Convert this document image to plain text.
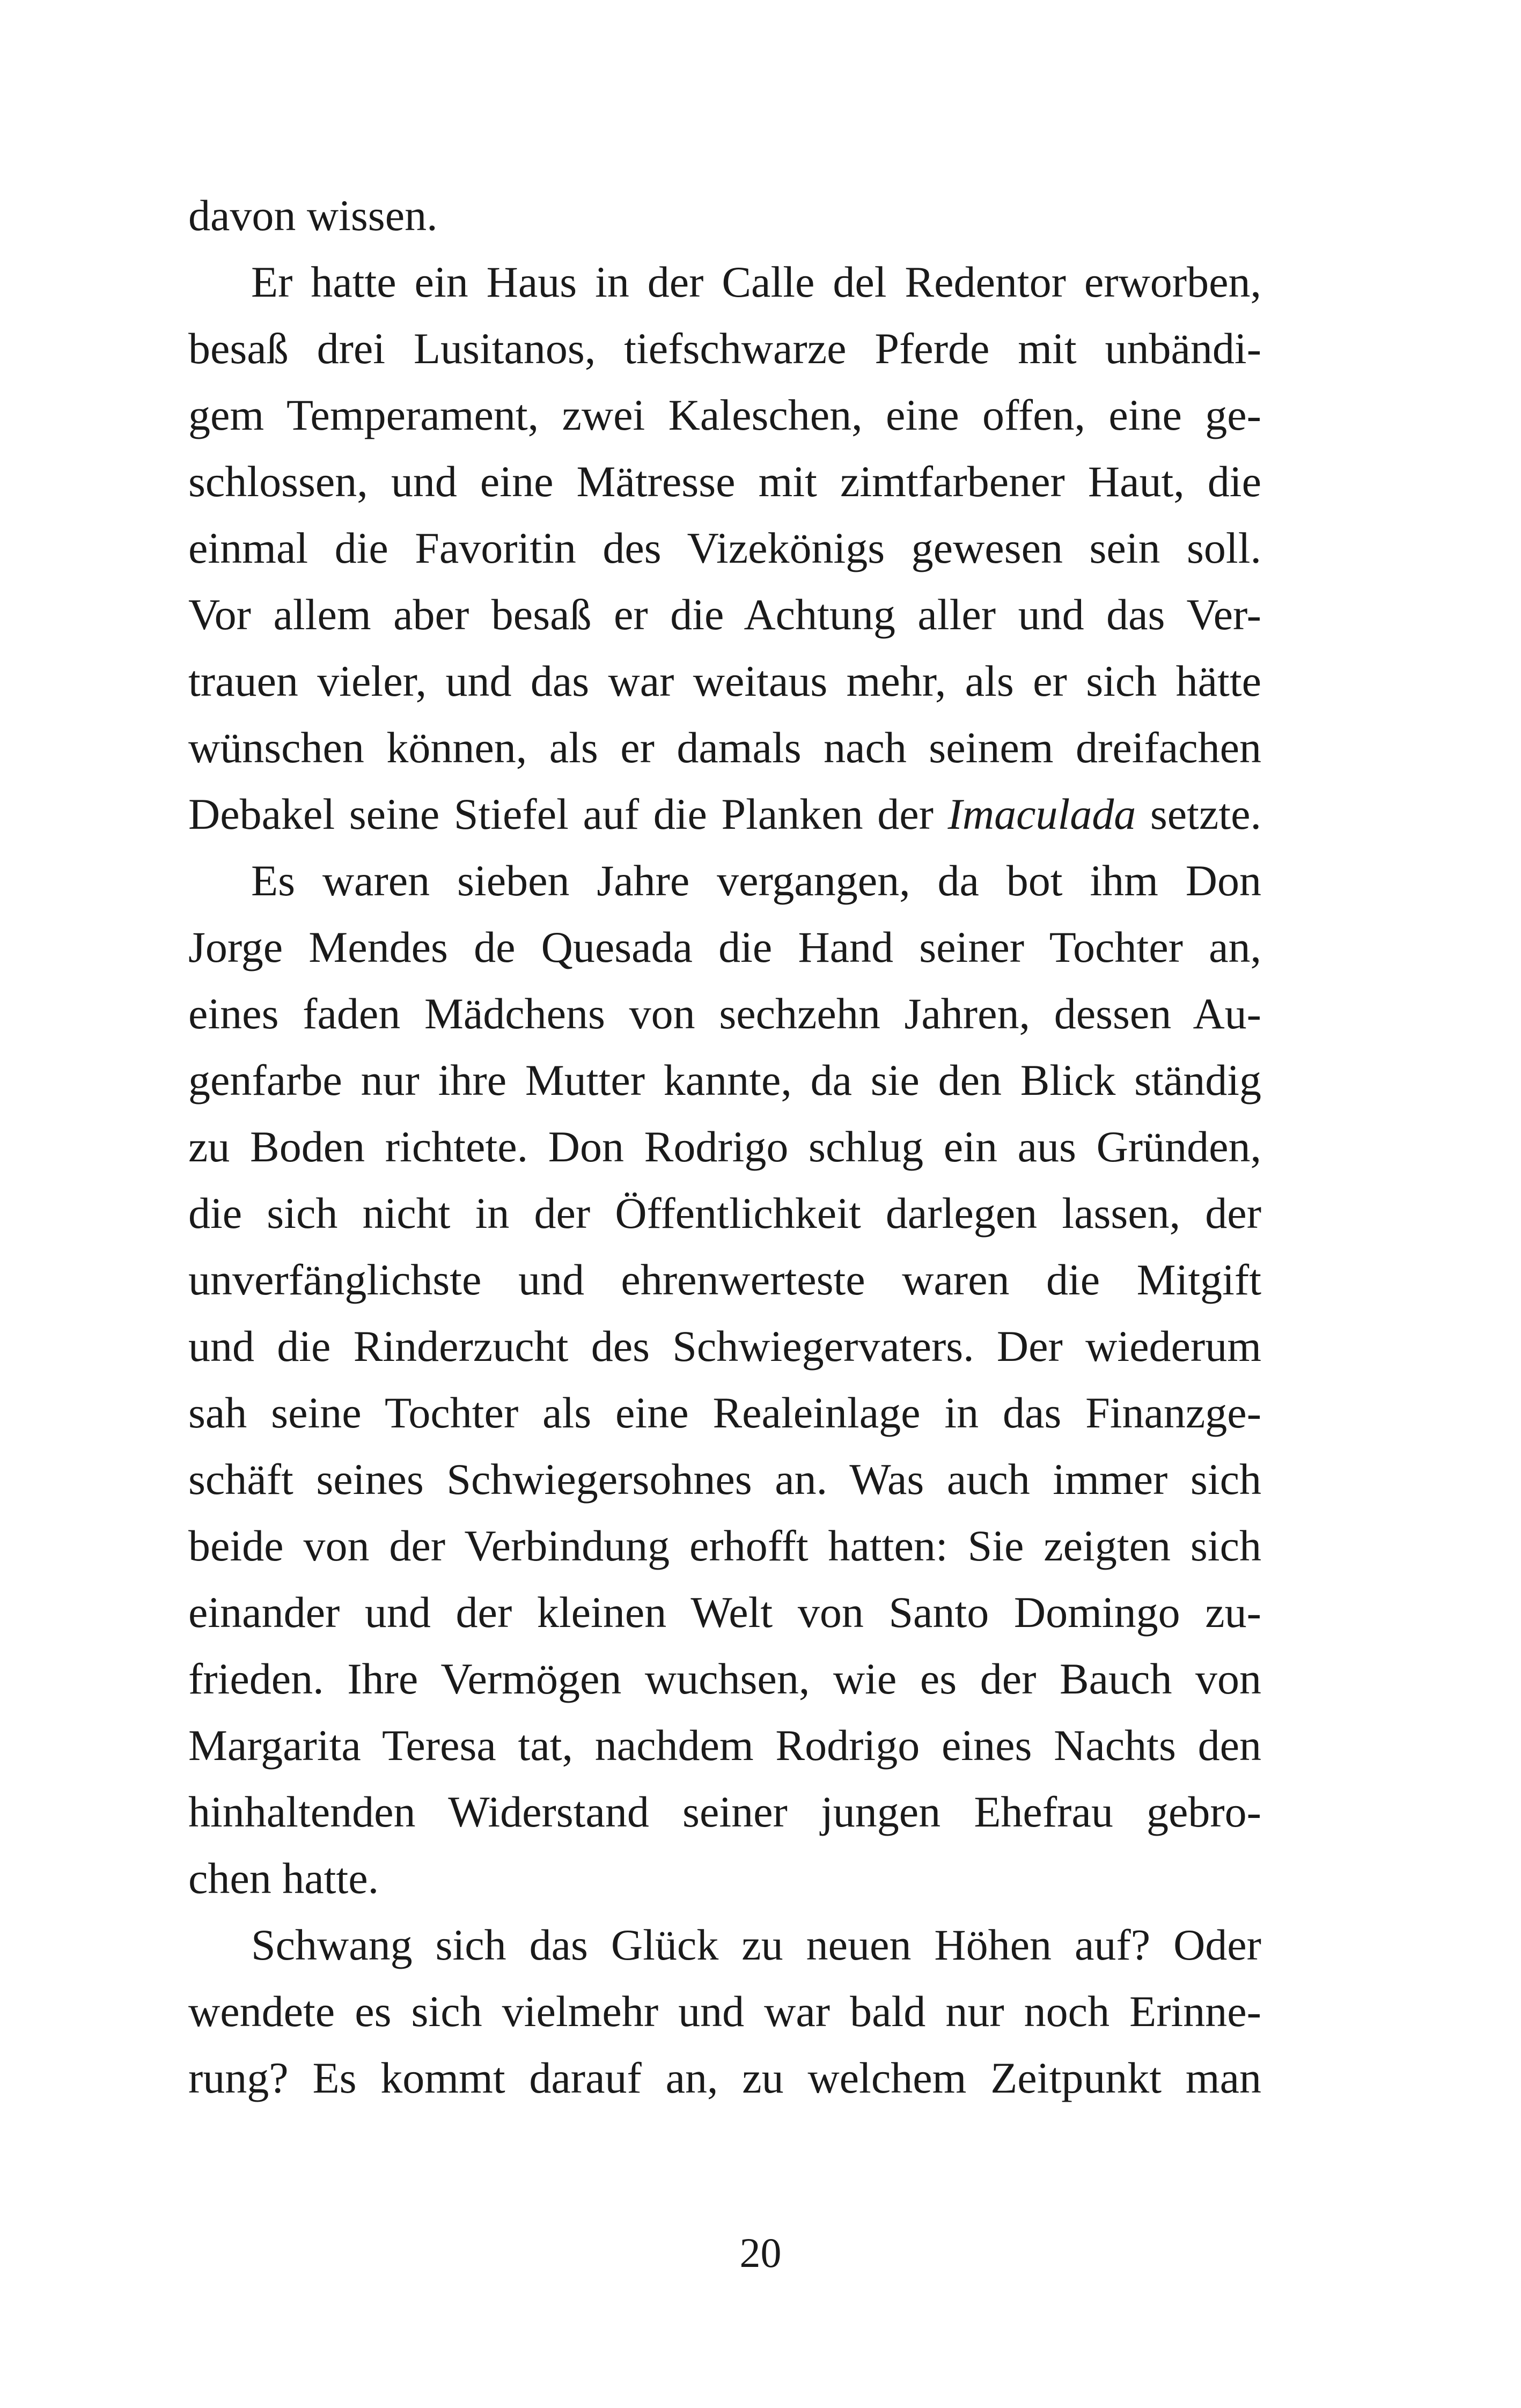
davon wissen.
Er hatte ein Haus in der Calle del Redentor erworben,
besaß drei Lusitanos, tiefschwarze Pferde mit unbändi-
gem Temperament, zwei Kaleschen, eine offen, eine ge-
schlossen, und eine Mätresse mit zimtfarbener Haut, die
einmal die Favoritin des Vizekönigs gewesen sein soll.
Vor allem aber besaß er die Achtung aller und das Ver-
trauen vieler, und das war weitaus mehr, als er sich hätte
wünschen können, als er damals nach seinem dreifachen
Debakel seine Stiefel auf die Planken der Imaculada setzte.
Es waren sieben Jahre vergangen, da bot ihm Don
Jorge Mendes de Quesada die Hand seiner Tochter an,
eines faden Mädchens von sechzehn Jahren, dessen Au-
genfarbe nur ihre Mutter kannte, da sie den Blick ständig
zu Boden richtete. Don Rodrigo schlug ein aus Gründen,
die sich nicht in der Öffentlichkeit darlegen lassen, der
unverfänglichste und ehrenwerteste waren die Mitgift
und die Rinderzucht des Schwiegervaters. Der wiederum
sah seine Tochter als eine Realeinlage in das Finanzge-
schäft seines Schwiegersohnes an. Was auch immer sich
beide von der Verbindung erhofft hatten: Sie zeigten sich
einander und der kleinen Welt von Santo Domingo zu-
frieden. Ihre Vermögen wuchsen, wie es der Bauch von
Margarita Teresa tat, nachdem Rodrigo eines Nachts den
hinhaltenden Widerstand seiner jungen Ehefrau gebro-
chen hatte.
Schwang sich das Glück zu neuen Höhen auf? Oder
wendete es sich vielmehr und war bald nur noch Erinne-
rung? Es kommt darauf an, zu welchem Zeitpunkt man
20
